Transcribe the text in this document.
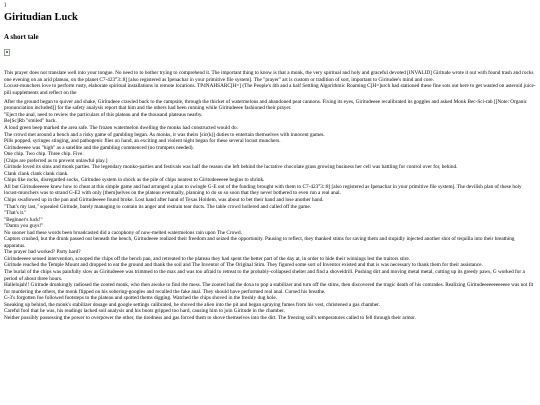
]
Giritudian Luck
A short tale

This prayer does not translate well into your tongue. No need to to bother trying to comprehend it. The important thing to know is that a monk, the very spiritual and holy and graceful devoted [INVALID] Giritude wrote it out with found trash and rocks one evening on an arid plateau, on the planet C7-423°3::8] [also registered as Ipenachar in your primitive file system]. The "prayer" art is custom or tradition of sort, important to Giritudee's mind and core.
Locust-munchers love to perform rusty, elaborate spiritual installations in remote locations. TP4NAHSARC[H=] (The People's 4th and a half Settling Algorithmic Roaming C[H=]urch had stationed these fine sots out here to get wasted on asteroid juice-pill supplements and reflect on the

After the ground began to quiver and shake, Giritudeee crawled back to the campsite, through the thicket of watermelons and abandoned peat cannons. Fixing its eyes, Giritudeeee recalibrated its goggles and asked Monk Bec-Sci-rab [[Note: Organic pronunciation included]] for the safety analysis report that him and the others had been running while Giritudeeee fashioned their prayer.
"Eject the anal, need to review the particulars of this plateau and the thousand plateaus nearby.
Be[Sc]Rb "smiled" back.
A loud green beep marked the area safe. The frozen watermelon dwelling the monks had constructed would do.
The crowd met around a bench and a risky game of gambling began. As monks, it was theirs [sic(k)] duties to entertain themselves with innocent games.
Pills popped, syringes stinging, and pathogenic flies on hand, an exciting and violent night began for these several locust munchers.
Giritudeeeee was "high" as a satellite and the gambling commenced (no trumpets needed).
One chip. Two chip. Three chip. Five.
[Chips are preferred as to prevent unlawful play.]
Giritude loved its sims and monk parties. The legendary monko-parties and festivals was half the reason she left behind the lucrative chocolate grass growing business her cell was battling for control over for, behind.
Clank clank clank clank clank.
Chips like rocks, disregarded socks, Giritudee system in shock as the pile of chips nearest to Giritudeeeeee begins to shrink.
All but Giritudeeeeee knew how to cheat at this simple game and had arranged a plan to swingle G-E out of the funding brought with them to C7-423°3::8] [also registered as Ipenachar in your primitive file system]. The devilish plan of these holy locust-munchers was to strand G-E2 with only [them]selves on the plateau eventually, planning to do so so soon that they never bothered to even run a real anal.
Chips swallowed up in the pan and Giritudeeeee found broke. Lost hand after hand of Texas Holdem, was about to bet their hand and lose another hand.
"That's my last," squealed Giritude, barely managing to contain its anger and restrain tear ducts. The table crowd hollered and called off the game.
"That's it."
"Beginner's luck!"
"Damn you guys!"
No sooner had these words been broadcasted did a cacophony of now-melted watermelons rain upon The Crowd.
Captors crushed, but the drunk passed out beneath the bench, Giritudeeee realized their freedom and seized the opportunity. Pausing to reflect, they thanked stims for saving them and stupidly injected another shot of tequilla into their breathing apparatus.
The prayer had worked? Party hard?
Giritudeeeee sensed intervention, scooped the chips off the bench pan, and retreated to the plateau they had spent the better part of the day at, in order to hide their winnings lest the traitors stire.
Giritude reached the Temple Mount and dropped to eat the ground and thank the soil and The Inventor of The Original Stim. They figured some sort of Inventor existed and that is was necessary to thank them for their assistance.
The burial of the chips was painfully slow as Giritudeeee was trimmed to the max and was too afraid to retreat to the probably-collapsed shelter and find a shoveldrill. Pushing dirt and moving metal metal, cutting up its greedy paws, G worked for a period of about three hours.
Hallelujah!! Giritude drunkingly radiosed the zooted monk, who then awoke to find the mess. The zooted had the doxa to pop a stabilizer and turn off the stims, then discovered the tragic death of his comrades. Realizing Giritudeeeeeeeeeeee was not fit for murdering the others, the monk flipped on his sobering-googles and recalled the fake anal. They should have performed real anal. Cursed his breathe.
G-3's forgotten foe followed footsteps to the plateau and spotted thems digging. Watched the chips shoved in the freshly dug hole.
Sneaking up behind, the monk's stabilizer dosage and google settings calibrated, he shoved the alien into the pit and began spraying fumes from his vest, christened a gas chamber.
Careful fool that he was, his readings lacked soil analysis and his boots gripped too hard, causing him to join Giritude in the chamber.
Neither possibly possessing the power to overpower the other, the tiredness and gas forced them to shove themselves into the dirt. The freezing soil's temperatures called to fell through their armor.
